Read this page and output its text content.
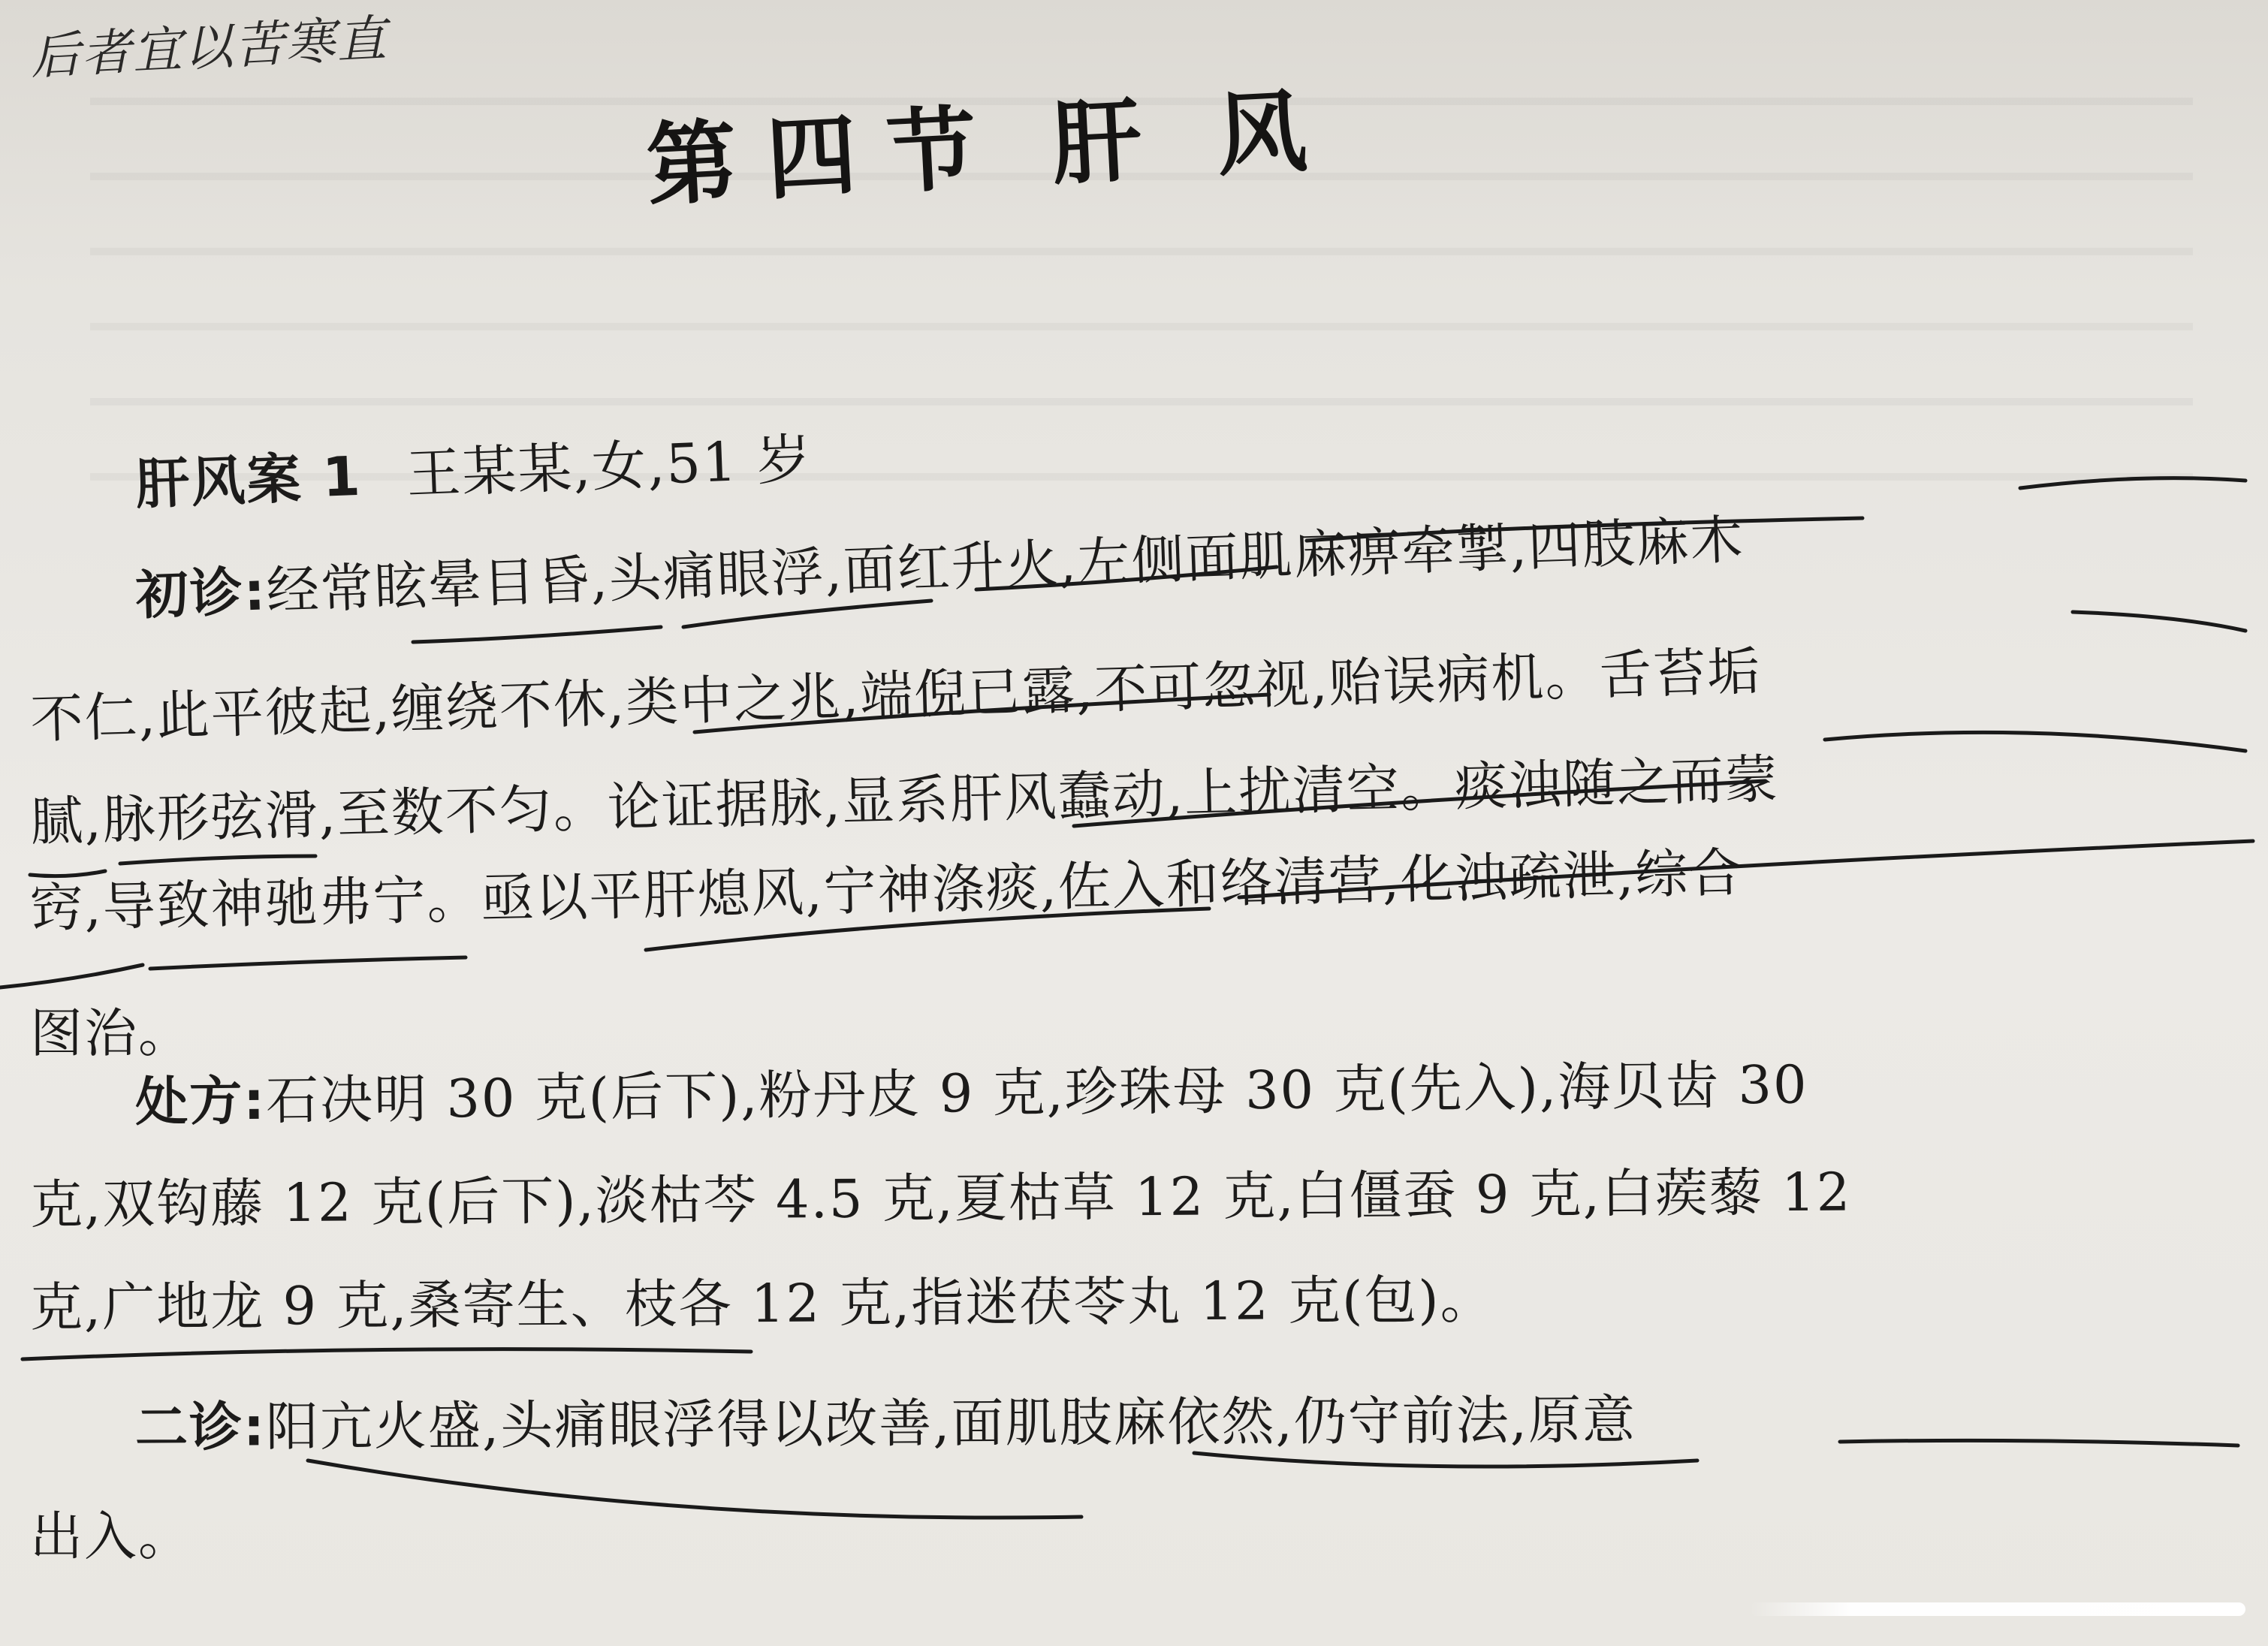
后者宜以苦寒直
第四节 肝 风
肝风案 1 王某某,女,51 岁
初诊:经常眩晕目昏,头痛眼浮,面红升火,左侧面肌麻痹牵掣,四肢麻木
不仁,此平彼起,缠绕不休,类中之兆,端倪已露,不可忽视,贻误病机。舌苔垢
腻,脉形弦滑,至数不匀。论证据脉,显系肝风蠢动,上扰清空。痰浊随之而蒙
窍,导致神驰弗宁。亟以平肝熄风,宁神涤痰,佐入和络清营,化浊疏泄,综合
图治。
处方:石决明 30 克(后下),粉丹皮 9 克,珍珠母 30 克(先入),海贝齿 30
克,双钩藤 12 克(后下),淡枯芩 4.5 克,夏枯草 12 克,白僵蚕 9 克,白蒺藜 12
克,广地龙 9 克,桑寄生、枝各 12 克,指迷茯苓丸 12 克(包)。
二诊:阳亢火盛,头痛眼浮得以改善,面肌肢麻依然,仍守前法,原意
出入。
